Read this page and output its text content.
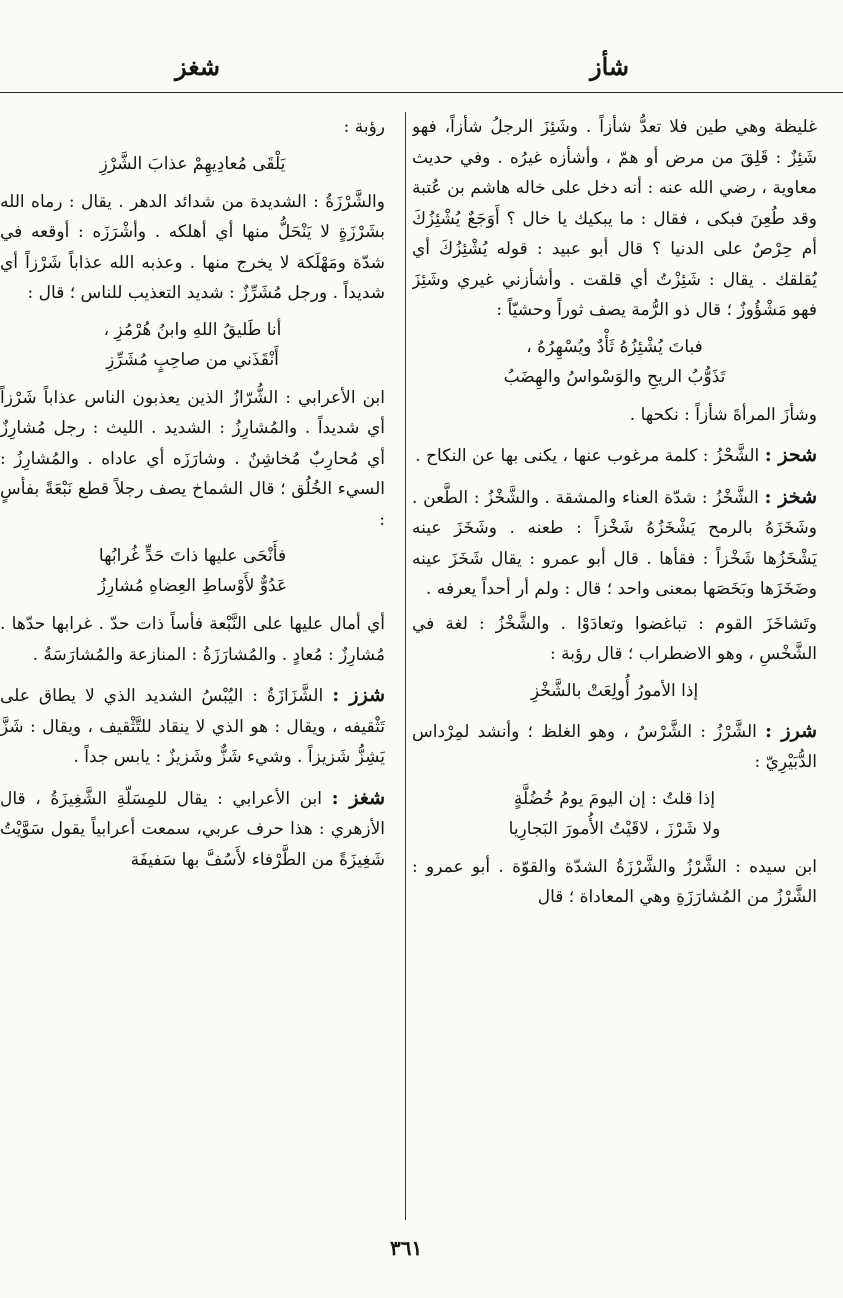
شأز
شغز

غليظة وهي طين فلا تعدُّ شأزاً . وشَئِزَ الرجلُ شأزاً، فهو شَئِزٌ : قَلِقَ من مرض أو همّ ، وأشأزه غيرُه . وفي حديث معاوية ، رضي الله عنه : أنه دخل على خاله هاشم بن عُتبة وقد طُعِنَ فبكى ، فقال : ما يبكيك يا خال ؟ أَوَجَعٌ يُشْئِزُكَ أم حِرْصٌ على الدنيا ؟ قال أبو عبيد : قوله يُشْئِزُكَ أي يُقلقك . يقال : شَئِزْتُ أي قلقت . وأشأزني غيري وشَئِزَ فهو مَشْؤُوزٌ ؛ قال ذو الرُّمة يصف ثوراً وحشيّاً :

فباتَ يُشْئِزُهُ ثَأْدٌ ويُسْهِرُهُ ،
تَذَوُّبُ الريحِ والوَسْواسُ والهِضَبُ

وشأزَ المرأةَ شأزاً : نكحها .

شحز : الشَّحْزُ : كلمة مرغوب عنها ، يكنى بها عن النكاح .

شخز : الشَّخْزُ : شدّة العناء والمشقة . والشَّخْزُ : الطَّعن . وشَخَزَهُ بالرمح يَشْخَزُهُ شَخْزاً : طعنه . وشَخَزَ عينه يَشْخَزُها شَخْزاً : فقأها . قال أبو عمرو : يقال شَخَزَ عينه وضَخَزَها وبَخَصَها بمعنى واحد ؛ قال : ولم أر أحداً يعرفه .

وتَشاخَزَ القوم : تباغضوا وتعادَوْا . والشَّخْزُ : لغة في الشَّخْسِ ، وهو الاضطراب ؛ قال رؤبة :

إذا الأمورُ أُولِعَتْ بالشَّخْزِ

شرز : الشَّرْزُ : الشَّرْسُ ، وهو الغلظ ؛ وأنشد لمِرْداس الدُّبَيْرِيّ :

إذا قلتُ : إن اليومَ يومُ خُضُلَّةٍ
ولا شَرْزَ ، لاقَيْتُ الأُمورَ البَجارِيا

ابن سيده : الشَّرْزُ والشَّرْزَةُ الشدّة والقوّة . أبو عمرو : الشَّرْزُ من المُشارَزَةِ وهي المعاداة ؛ قال

رؤبة :

يَلْقَى مُعادِيهِمْ عذابَ الشَّرْزِ

والشَّرْزَةُ : الشديدة من شدائد الدهر . يقال : رماه الله بشَرْزَةٍ لا يَنْحَلُّ منها أي أهلكه . وأشْرَزَه : أوقعه في شدّة ومَهْلَكة لا يخرج منها . وعذبه الله عذاباً شَرْزاً أي شديداً . ورجل مُشَرِّزٌ : شديد التعذيب للناس ؛ قال :

أنا طَليقُ اللهِ وابنُ هُرْمُزِ ،
أَنْقَذَني من صاحِبٍ مُشَرِّزِ

ابن الأعرابي : الشُّرّازُ الذين يعذبون الناس عذاباً شَرْزاً أي شديداً . والمُشارِزُ : الشديد . الليث : رجل مُشارِزٌ أي مُحارِبٌ مُخاشِنٌ . وشارَزَه أي عاداه . والمُشارِزُ : السيء الخُلُق ؛ قال الشماخ يصف رجلاً قطع نَبْعَةً بفأسٍ :

فأَنْحَى عليها ذاتَ حَدٍّ غُرابُها
عَدُوٌّ لأَوْساطِ العِضاهِ مُشارِزُ

أي أمال عليها على النَّبْعة فأساً ذات حدّ . غرابها حدّها . مُشارِزٌ : مُعادٍ . والمُشارَزَةُ : المنازعة والمُشارَسَةُ .

شزز : الشَّزَازَةُ : اليُبْسُ الشديد الذي لا يطاق على تَثْقيفه ، ويقال : هو الذي لا ينقاد للتَّثْقيف ، ويقال : شَزَّ يَشِزُّ شَزيزاً . وشيء شَزٌّ وشَزيزٌ : يابس جداً .

شغز : ابن الأعرابي : يقال للمِسَلّةِ الشَّغِيزَةُ ، قال الأزهري : هذا حرف عربي، سمعت أعرابياً يقول سَوَّيْتُ شَغِيزَةً من الطَّرْفاء لأَسُفَّ بها سَفيفَة

٣٦١
